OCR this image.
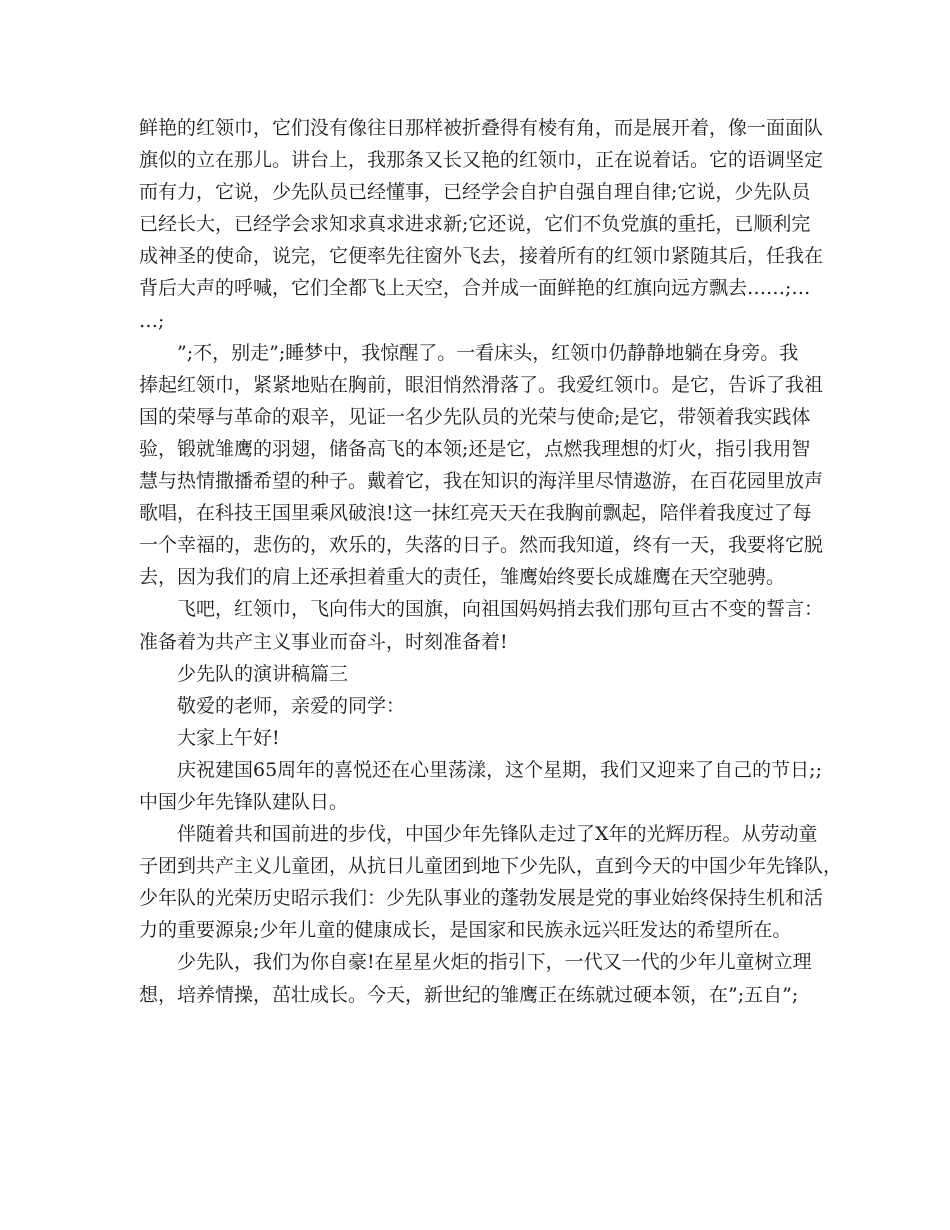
鲜艳的红领巾，它们没有像往日那样被折叠得有棱有角，而是展开着，像一面面队
旗似的立在那儿。讲台上，我那条又长又艳的红领巾，正在说着话。它的语调坚定
而有力，它说，少先队员已经懂事，已经学会自护自强自理自律;它说，少先队员
已经长大，已经学会求知求真求进求新;它还说，它们不负党旗的重托，已顺利完
成神圣的使命，说完，它便率先往窗外飞去，接着所有的红领巾紧随其后，任我在
背后大声的呼喊，它们全都飞上天空，合并成一面鲜艳的红旗向远方飘去……;…
…;
”;不，别走”;睡梦中，我惊醒了。一看床头，红领巾仍静静地躺在身旁。我
捧起红领巾，紧紧地贴在胸前，眼泪悄然滑落了。我爱红领巾。是它，告诉了我祖
国的荣辱与革命的艰辛，见证一名少先队员的光荣与使命;是它，带领着我实践体
验，锻就雏鹰的羽翅，储备高飞的本领;还是它，点燃我理想的灯火，指引我用智
慧与热情撒播希望的种子。戴着它，我在知识的海洋里尽情遨游，在百花园里放声
歌唱，在科技王国里乘风破浪!这一抹红亮天天在我胸前飘起，陪伴着我度过了每
一个幸福的，悲伤的，欢乐的，失落的日子。然而我知道，终有一天，我要将它脱
去，因为我们的肩上还承担着重大的责任，雏鹰始终要长成雄鹰在天空驰骋。
飞吧，红领巾，飞向伟大的国旗，向祖国妈妈捎去我们那句亘古不变的誓言：
准备着为共产主义事业而奋斗，时刻准备着!
少先队的演讲稿篇三
敬爱的老师，亲爱的同学：
大家上午好!
庆祝建国65周年的喜悦还在心里荡漾，这个星期，我们又迎来了自己的节日;;
中国少年先锋队建队日。
伴随着共和国前进的步伐，中国少年先锋队走过了X年的光辉历程。从劳动童
子团到共产主义儿童团，从抗日儿童团到地下少先队，直到今天的中国少年先锋队，
少年队的光荣历史昭示我们：少先队事业的蓬勃发展是党的事业始终保持生机和活
力的重要源泉;少年儿童的健康成长，是国家和民族永远兴旺发达的希望所在。
少先队，我们为你自豪!在星星火炬的指引下，一代又一代的少年儿童树立理
想，培养情操，茁壮成长。今天，新世纪的雏鹰正在练就过硬本领，在”;五自”;
